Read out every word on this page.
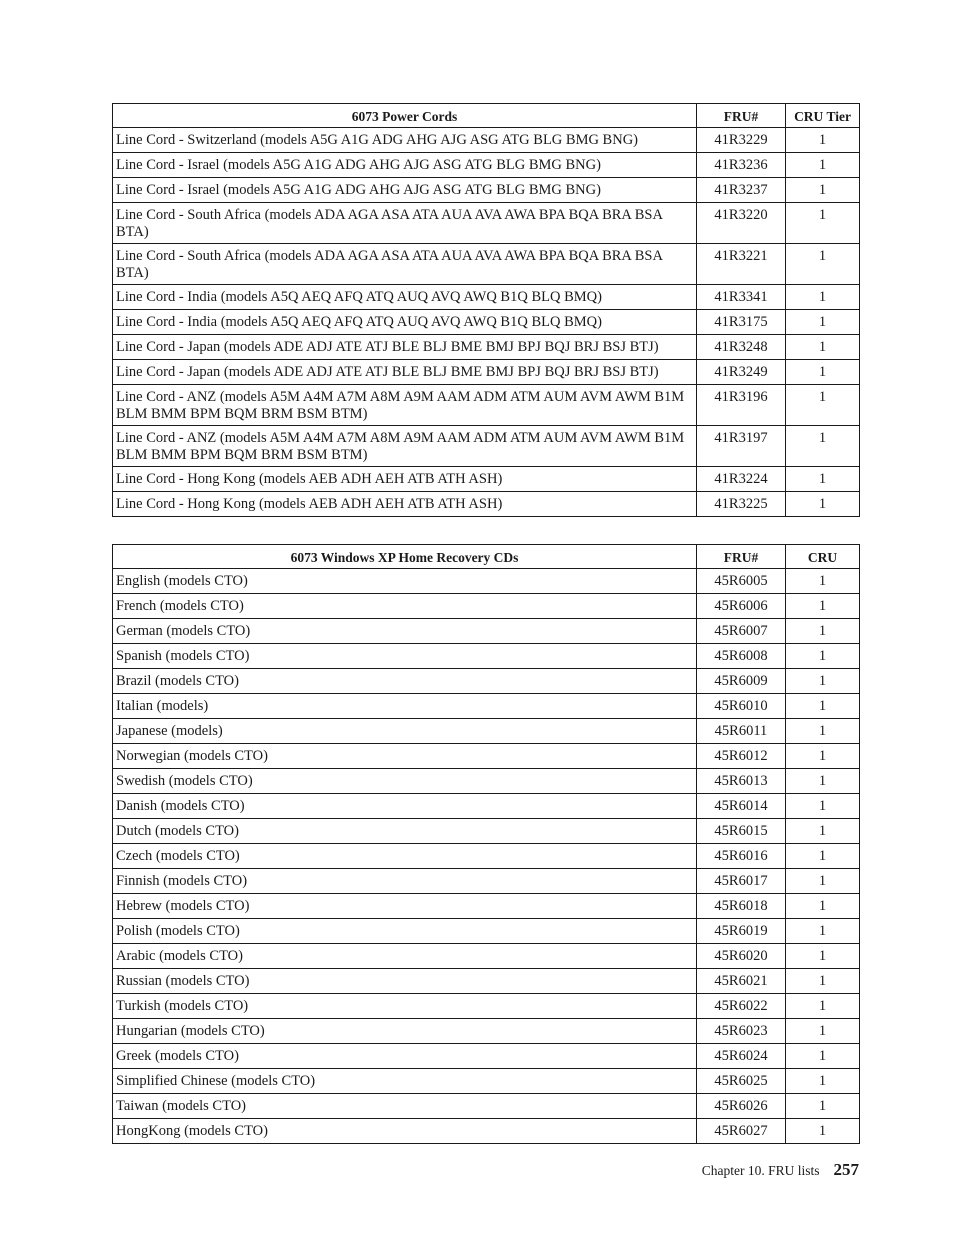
6073 Power Cords	FRU#	CRU Tier
Line Cord - Switzerland (models A5G A1G ADG AHG AJG ASG ATG BLG BMG BNG)	41R3229	1
Line Cord - Israel (models A5G A1G ADG AHG AJG ASG ATG BLG BMG BNG)	41R3236	1
Line Cord - Israel (models A5G A1G ADG AHG AJG ASG ATG BLG BMG BNG)	41R3237	1
Line Cord - South Africa (models ADA AGA ASA ATA AUA AVA AWA BPA BQA BRA BSA BTA)	41R3220	1
Line Cord - South Africa (models ADA AGA ASA ATA AUA AVA AWA BPA BQA BRA BSA BTA)	41R3221	1
Line Cord - India (models A5Q AEQ AFQ ATQ AUQ AVQ AWQ B1Q BLQ BMQ)	41R3341	1
Line Cord - India (models A5Q AEQ AFQ ATQ AUQ AVQ AWQ B1Q BLQ BMQ)	41R3175	1
Line Cord - Japan (models ADE ADJ ATE ATJ BLE BLJ BME BMJ BPJ BQJ BRJ BSJ BTJ)	41R3248	1
Line Cord - Japan (models ADE ADJ ATE ATJ BLE BLJ BME BMJ BPJ BQJ BRJ BSJ BTJ)	41R3249	1
Line Cord - ANZ (models A5M A4M A7M A8M A9M AAM ADM ATM AUM AVM AWM B1M BLM BMM BPM BQM BRM BSM BTM)	41R3196	1
Line Cord - ANZ (models A5M A4M A7M A8M A9M AAM ADM ATM AUM AVM AWM B1M BLM BMM BPM BQM BRM BSM BTM)	41R3197	1
Line Cord - Hong Kong (models AEB ADH AEH ATB ATH ASH)	41R3224	1
Line Cord - Hong Kong (models AEB ADH AEH ATB ATH ASH)	41R3225	1
6073 Windows XP Home Recovery CDs	FRU#	CRU
English (models CTO)	45R6005	1
French (models CTO)	45R6006	1
German (models CTO)	45R6007	1
Spanish (models CTO)	45R6008	1
Brazil (models CTO)	45R6009	1
Italian (models)	45R6010	1
Japanese (models)	45R6011	1
Norwegian (models CTO)	45R6012	1
Swedish (models CTO)	45R6013	1
Danish (models CTO)	45R6014	1
Dutch (models CTO)	45R6015	1
Czech (models CTO)	45R6016	1
Finnish (models CTO)	45R6017	1
Hebrew (models CTO)	45R6018	1
Polish (models CTO)	45R6019	1
Arabic (models CTO)	45R6020	1
Russian (models CTO)	45R6021	1
Turkish (models CTO)	45R6022	1
Hungarian (models CTO)	45R6023	1
Greek (models CTO)	45R6024	1
Simplified Chinese (models CTO)	45R6025	1
Taiwan (models CTO)	45R6026	1
HongKong (models CTO)	45R6027	1
Chapter 10. FRU lists 257
